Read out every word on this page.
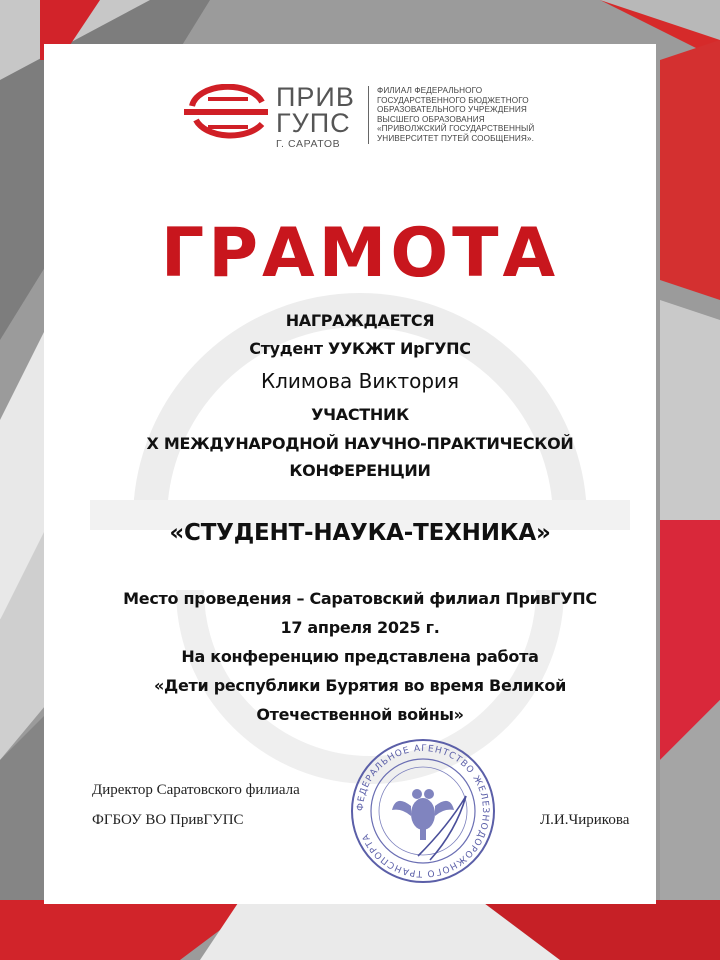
ПРИВ
ГУПС
Г. САРАТОВ
ФИЛИАЛ ФЕДЕРАЛЬНОГО
ГОСУДАРСТВЕННОГО БЮДЖЕТНОГО
ОБРАЗОВАТЕЛЬНОГО УЧРЕЖДЕНИЯ
ВЫСШЕГО ОБРАЗОВАНИЯ
«ПРИВОЛЖСКИЙ ГОСУДАРСТВЕННЫЙ
УНИВЕРСИТЕТ ПУТЕЙ СООБЩЕНИЯ».
ГРАМОТА
НАГРАЖДАЕТСЯ
Студент УУКЖТ ИрГУПС
Климова Виктория
УЧАСТНИК
X МЕЖДУНАРОДНОЙ НАУЧНО-ПРАКТИЧЕСКОЙ
КОНФЕРЕНЦИИ
«СТУДЕНТ-НАУКА-ТЕХНИКА»
Место проведения – Саратовский филиал ПривГУПС
17 апреля 2025 г.
На конференцию представлена работа
«Дети республики Бурятия во время Великой
Отечественной войны»
ФЕДЕРАЛЬНОЕ АГЕНТСТВО ЖЕЛЕЗНОДОРОЖНОГО ТРАНСПОРТА
Директор Саратовского филиала
ФГБОУ ВО ПривГУПС	Л.И.Чирикова
